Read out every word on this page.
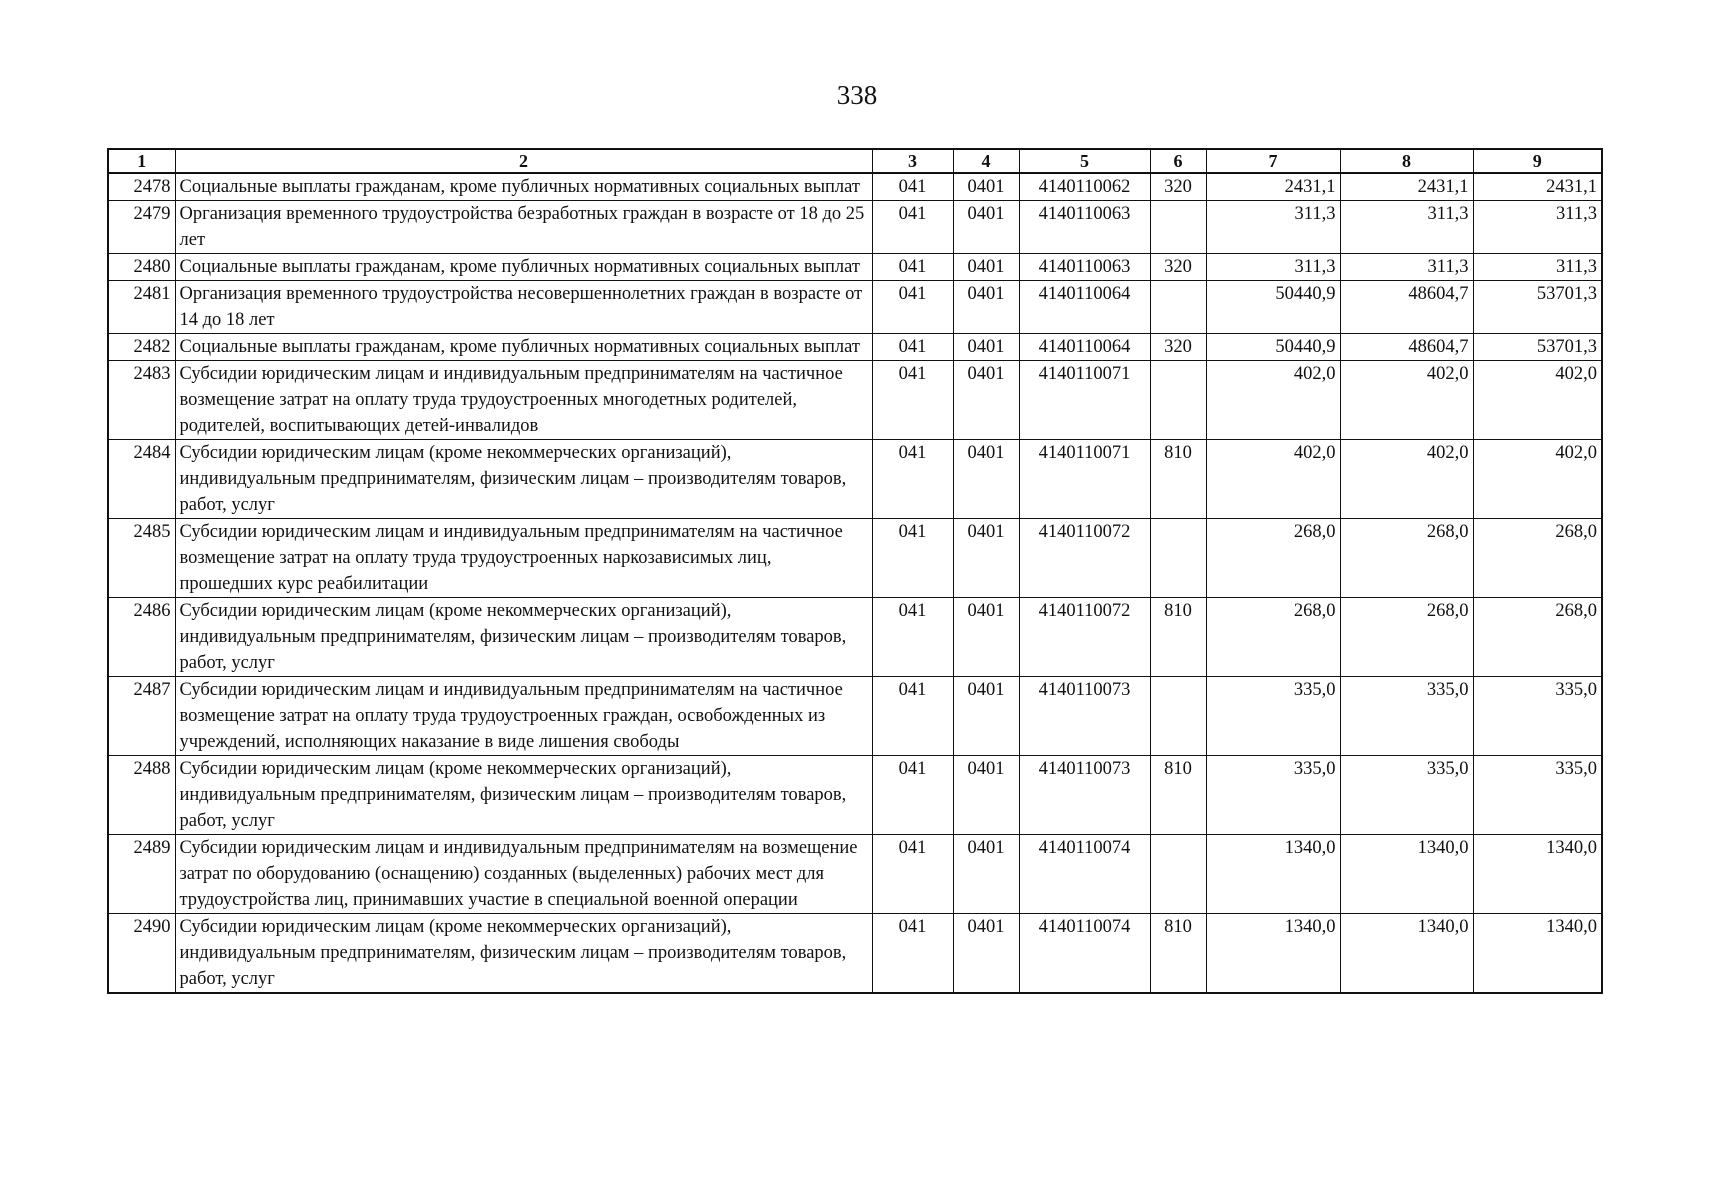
338
1	2	3	4	5	6	7	8	9
2478	Социальные выплаты гражданам, кроме публичных нормативных социальных выплат	041	0401	4140110062	320	2431,1	2431,1	2431,1
2479	Организация временного трудоустройства безработных граждан в возрасте от 18 до 25 лет	041	0401	4140110063		311,3	311,3	311,3
2480	Социальные выплаты гражданам, кроме публичных нормативных социальных выплат	041	0401	4140110063	320	311,3	311,3	311,3
2481	Организация временного трудоустройства несовершеннолетних граждан в возрасте от 14 до 18 лет	041	0401	4140110064		50440,9	48604,7	53701,3
2482	Социальные выплаты гражданам, кроме публичных нормативных социальных выплат	041	0401	4140110064	320	50440,9	48604,7	53701,3
2483	Субсидии юридическим лицам и индивидуальным предпринимателям на частичное возмещение затрат на оплату труда трудоустроенных многодетных родителей, родителей, воспитывающих детей-инвалидов	041	0401	4140110071		402,0	402,0	402,0
2484	Субсидии юридическим лицам (кроме некоммерческих организаций), индивидуальным предпринимателям, физическим лицам – производителям товаров, работ, услуг	041	0401	4140110071	810	402,0	402,0	402,0
2485	Субсидии юридическим лицам и индивидуальным предпринимателям на частичное возмещение затрат на оплату труда трудоустроенных наркозависимых лиц, прошедших курс реабилитации	041	0401	4140110072		268,0	268,0	268,0
2486	Субсидии юридическим лицам (кроме некоммерческих организаций), индивидуальным предпринимателям, физическим лицам – производителям товаров, работ, услуг	041	0401	4140110072	810	268,0	268,0	268,0
2487	Субсидии юридическим лицам и индивидуальным предпринимателям на частичное возмещение затрат на оплату труда трудоустроенных граждан, освобожденных из учреждений, исполняющих наказание в виде лишения свободы	041	0401	4140110073		335,0	335,0	335,0
2488	Субсидии юридическим лицам (кроме некоммерческих организаций), индивидуальным предпринимателям, физическим лицам – производителям товаров, работ, услуг	041	0401	4140110073	810	335,0	335,0	335,0
2489	Субсидии юридическим лицам и индивидуальным предпринимателям на возмещение затрат по оборудованию (оснащению) созданных (выделенных) рабочих мест для трудоустройства лиц, принимавших участие в специальной военной операции	041	0401	4140110074		1340,0	1340,0	1340,0
2490	Субсидии юридическим лицам (кроме некоммерческих организаций), индивидуальным предпринимателям, физическим лицам – производителям товаров, работ, услуг	041	0401	4140110074	810	1340,0	1340,0	1340,0
